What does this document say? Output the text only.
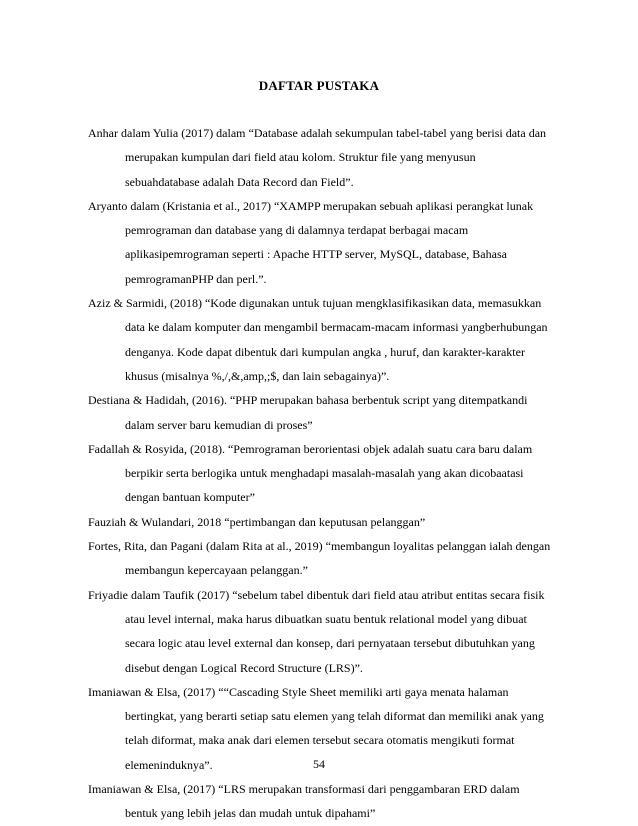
DAFTAR PUSTAKA

Anhar dalam Yulia (2017) dalam “Database adalah sekumpulan tabel-tabel yang berisi data dan merupakan kumpulan dari field atau kolom. Struktur file yang menyusun sebuahdatabase adalah Data Record dan Field”.

Aryanto dalam (Kristania et al., 2017) “XAMPP merupakan sebuah aplikasi perangkat lunak pemrograman dan database yang di dalamnya terdapat berbagai macam aplikasipemrograman seperti : Apache HTTP server, MySQL, database, Bahasa pemrogramanPHP dan perl.”.

Aziz & Sarmidi, (2018) “Kode digunakan untuk tujuan mengklasifikasikan data, memasukkan data ke dalam komputer dan mengambil bermacam-macam informasi yangberhubungan denganya. Kode dapat dibentuk dari kumpulan angka , huruf, dan karakter-karakter khusus (misalnya %,/,&,amp,;$, dan lain sebagainya)”.

Destiana & Hadidah, (2016). “PHP merupakan bahasa berbentuk script yang ditempatkandi dalam server baru kemudian di proses”

Fadallah & Rosyida, (2018). “Pemrograman berorientasi objek adalah suatu cara baru dalam berpikir serta berlogika untuk menghadapi masalah-masalah yang akan dicobaatasi dengan bantuan komputer”

Fauziah & Wulandari, 2018 “pertimbangan dan keputusan pelanggan”

Fortes, Rita, dan Pagani (dalam Rita at al., 2019) “membangun loyalitas pelanggan ialah dengan membangun kepercayaan pelanggan.”

Friyadie dalam Taufik (2017) “sebelum tabel dibentuk dari field atau atribut entitas secara fisik atau level internal, maka harus dibuatkan suatu bentuk relational model yang dibuat secara logic atau level external dan konsep, dari pernyataan tersebut dibutuhkan yang disebut dengan Logical Record Structure (LRS)”.

Imaniawan & Elsa, (2017) ““Cascading Style Sheet memiliki arti gaya menata halaman bertingkat, yang berarti setiap satu elemen yang telah diformat dan memiliki anak yang telah diformat, maka anak dari elemen tersebut secara otomatis mengikuti format elemeninduknya”.

Imaniawan & Elsa, (2017) “LRS merupakan transformasi dari penggambaran ERD dalam bentuk yang lebih jelas dan mudah untuk dipahami”

54
